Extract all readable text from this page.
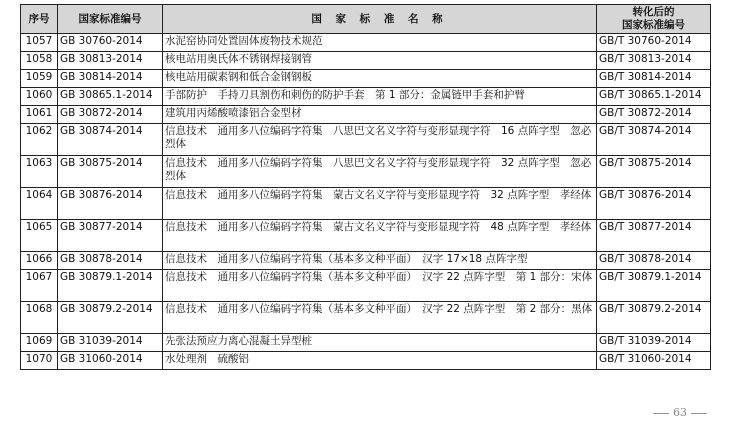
序号	国家标准编号	国 家 标 准 名 称	转化后的
国家标准编号

1057	GB 30760-2014	水泥窑协同处置固体废物技术规范	GB/T 30760-2014
1058	GB 30813-2014	核电站用奥氏体不锈钢焊接钢管	GB/T 30813-2014
1059	GB 30814-2014	核电站用碳素钢和低合金钢钢板	GB/T 30814-2014
1060	GB 30865.1-2014	手部防护　手持刀具割伤和刺伤的防护手套　第 1 部分：金属链甲手套和护臂	GB/T 30865.1-2014
1061	GB 30872-2014	建筑用丙烯酸喷漆铝合金型材	GB/T 30872-2014
1062	GB 30874-2014	信息技术　通用多八位编码字符集　八思巴文名义字符与变形显现字符　16 点阵字型　忽必烈体	GB/T 30874-2014
1063	GB 30875-2014	信息技术　通用多八位编码字符集　八思巴文名义字符与变形显现字符　32 点阵字型　忽必烈体	GB/T 30875-2014
1064	GB 30876-2014	信息技术　通用多八位编码字符集　蒙古文名义字符与变形显现字符　32 点阵字型　孝经体	GB/T 30876-2014
1065	GB 30877-2014	信息技术　通用多八位编码字符集　蒙古文名义字符与变形显现字符　48 点阵字型　孝经体	GB/T 30877-2014
1066	GB 30878-2014	信息技术　通用多八位编码字符集（基本多文种平面）　汉字 17×18 点阵字型	GB/T 30878-2014
1067	GB 30879.1-2014	信息技术　通用多八位编码字符集（基本多文种平面）　汉字 22 点阵字型　第 1 部分：宋体	GB/T 30879.1-2014
1068	GB 30879.2-2014	信息技术　通用多八位编码字符集（基本多文种平面）　汉字 22 点阵字型　第 2 部分：黑体	GB/T 30879.2-2014
1069	GB 31039-2014	先张法预应力离心混凝土异型桩	GB/T 31039-2014
1070	GB 31060-2014	水处理剂　硫酸铝	GB/T 31060-2014
63
